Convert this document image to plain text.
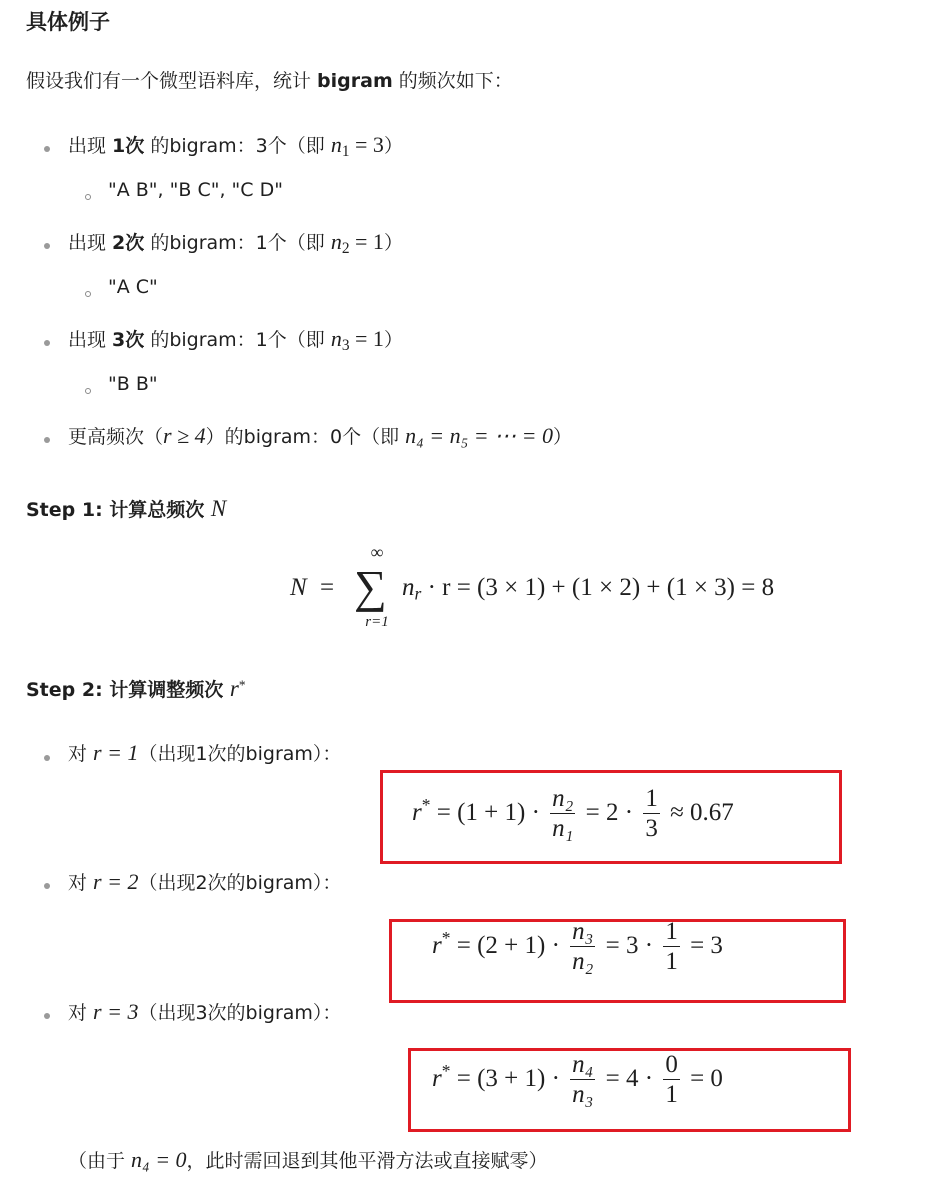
具体例子
假设我们有一个微型语料库，统计 bigram 的频次如下：
出现 1次 的bigram：3个（即 $n_1 = 3$）
"A B", "B C", "C D"
出现 2次 的bigram：1个（即 $n_2 = 1$）
"A C"
出现 3次 的bigram：1个（即 $n_3 = 1$）
"B B"
更高频次（r ≥ 4）的bigram：0个（即 n₄ = n₅ = ⋯ = 0）
Step 1: 计算总频次 N
N =
∞
∑
r=1
$n_r \cdot r = (3 \times 1) + (1 \times 2) + (1 \times 3) = 8$
Step 2: 计算调整频次 r*
对 r = 1（出现1次的bigram）：
$r^* = (1 + 1) \cdot \frac{\text{n₂}}{\text{n₁}} = 2 \cdot \frac{1}{3} \approx 0.67$
对 r = 2（出现2次的bigram）：
$r^* = (2 + 1) \cdot \frac{\text{n₃}}{\text{n₂}} = 3 \cdot \frac{1}{1} = 3$
对 r = 3（出现3次的bigram）：
$r^* = (3 + 1) \cdot \frac{\text{n₄}}{\text{n₃}} = 4 \cdot \frac{0}{1} = 0$
（由于 n₄ = 0，此时需回退到其他平滑方法或直接赋零）
